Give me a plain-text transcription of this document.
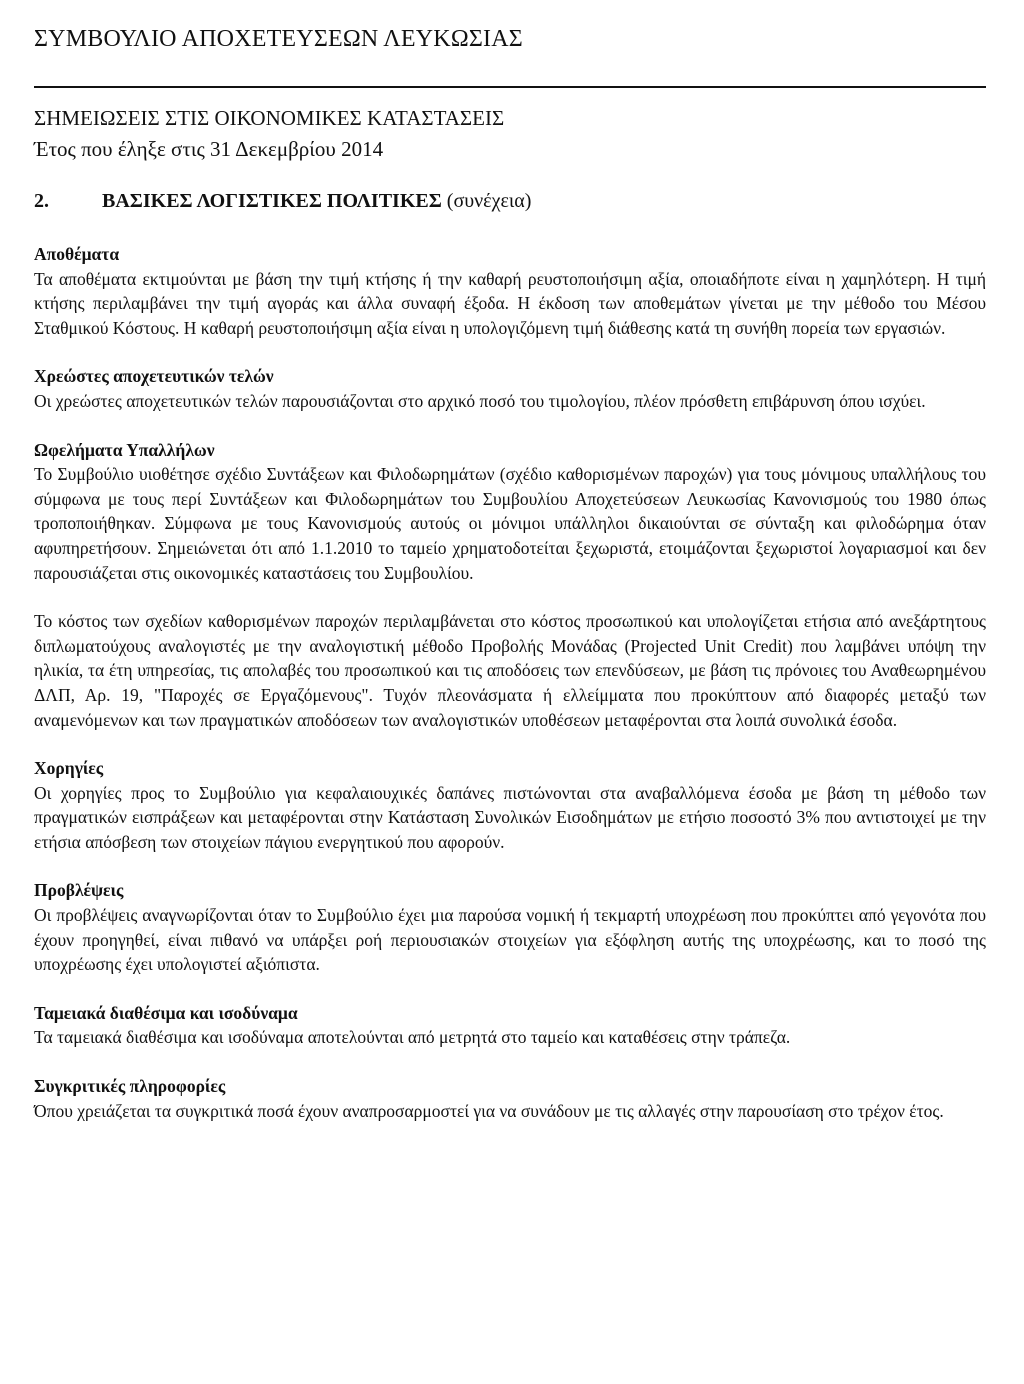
ΣΥΜΒΟΥΛΙΟ ΑΠΟΧΕΤΕΥΣΕΩΝ ΛΕΥΚΩΣΙΑΣ
ΣΗΜΕΙΩΣΕΙΣ ΣΤΙΣ ΟΙΚΟΝΟΜΙΚΕΣ ΚΑΤΑΣΤΑΣΕΙΣ
Έτος που έληξε στις 31 Δεκεμβρίου 2014
2.	ΒΑΣΙΚΕΣ ΛΟΓΙΣΤΙΚΕΣ ΠΟΛΙΤΙΚΕΣ (συνέχεια)

Αποθέματα

Τα αποθέματα εκτιμούνται με βάση την τιμή κτήσης ή την καθαρή ρευστοποιήσιμη αξία, οποιαδήποτε είναι η χαμηλότερη. Η τιμή κτήσης περιλαμβάνει την τιμή αγοράς και άλλα συναφή έξοδα. Η έκδοση των αποθεμάτων γίνεται με την μέθοδο του Μέσου Σταθμικού Κόστους. Η καθαρή ρευστοποιήσιμη αξία είναι η υπολογιζόμενη τιμή διάθεσης κατά τη συνήθη πορεία των εργασιών.

Χρεώστες αποχετευτικών τελών

Οι χρεώστες αποχετευτικών τελών παρουσιάζονται στο αρχικό ποσό του τιμολογίου, πλέον πρόσθετη επιβάρυνση όπου ισχύει.

Ωφελήματα Υπαλλήλων

Το Συμβούλιο υιοθέτησε σχέδιο Συντάξεων και Φιλοδωρημάτων (σχέδιο καθορισμένων παροχών) για τους μόνιμους υπαλλήλους του σύμφωνα με τους περί Συντάξεων και Φιλοδωρημάτων του Συμβουλίου Αποχετεύσεων Λευκωσίας Κανονισμούς του 1980 όπως τροποποιήθηκαν. Σύμφωνα με τους Κανονισμούς αυτούς οι μόνιμοι υπάλληλοι δικαιούνται σε σύνταξη και φιλοδώρημα όταν αφυπηρετήσουν. Σημειώνεται ότι από 1.1.2010 το ταμείο χρηματοδοτείται ξεχωριστά, ετοιμάζονται ξεχωριστοί λογαριασμοί και δεν παρουσιάζεται στις οικονομικές καταστάσεις του Συμβουλίου.

Το κόστος των σχεδίων καθορισμένων παροχών περιλαμβάνεται στο κόστος προσωπικού και υπολογίζεται ετήσια από ανεξάρτητους διπλωματούχους αναλογιστές με την αναλογιστική μέθοδο Προβολής Μονάδας (Projected Unit Credit) που λαμβάνει υπόψη την ηλικία, τα έτη υπηρεσίας, τις απολαβές του προσωπικού και τις αποδόσεις των επενδύσεων, με βάση τις πρόνοιες του Αναθεωρημένου ΔΛΠ, Αρ. 19, "Παροχές σε Εργαζόμενους". Τυχόν πλεονάσματα ή ελλείμματα που προκύπτουν από διαφορές μεταξύ των αναμενόμενων και των πραγματικών αποδόσεων των αναλογιστικών υποθέσεων μεταφέρονται στα λοιπά συνολικά έσοδα.

Χορηγίες

Οι χορηγίες προς το Συμβούλιο για κεφαλαιουχικές δαπάνες πιστώνονται στα αναβαλλόμενα έσοδα με βάση τη μέθοδο των πραγματικών εισπράξεων και μεταφέρονται στην Κατάσταση Συνολικών Εισοδημάτων με ετήσιο ποσοστό 3% που αντιστοιχεί με την ετήσια απόσβεση των στοιχείων πάγιου ενεργητικού που αφορούν.

Προβλέψεις

Οι προβλέψεις αναγνωρίζονται όταν το Συμβούλιο έχει μια παρούσα νομική ή τεκμαρτή υποχρέωση που προκύπτει από γεγονότα που έχουν προηγηθεί, είναι πιθανό να υπάρξει ροή περιουσιακών στοιχείων για εξόφληση αυτής της υποχρέωσης, και το ποσό της υποχρέωσης έχει υπολογιστεί αξιόπιστα.

Ταμειακά διαθέσιμα και ισοδύναμα

Τα ταμειακά διαθέσιμα και ισοδύναμα αποτελούνται από μετρητά στο ταμείο και καταθέσεις στην τράπεζα.

Συγκριτικές πληροφορίες

Όπου χρειάζεται τα συγκριτικά ποσά έχουν αναπροσαρμοστεί για να συνάδουν με τις αλλαγές στην παρουσίαση στο τρέχον έτος.
